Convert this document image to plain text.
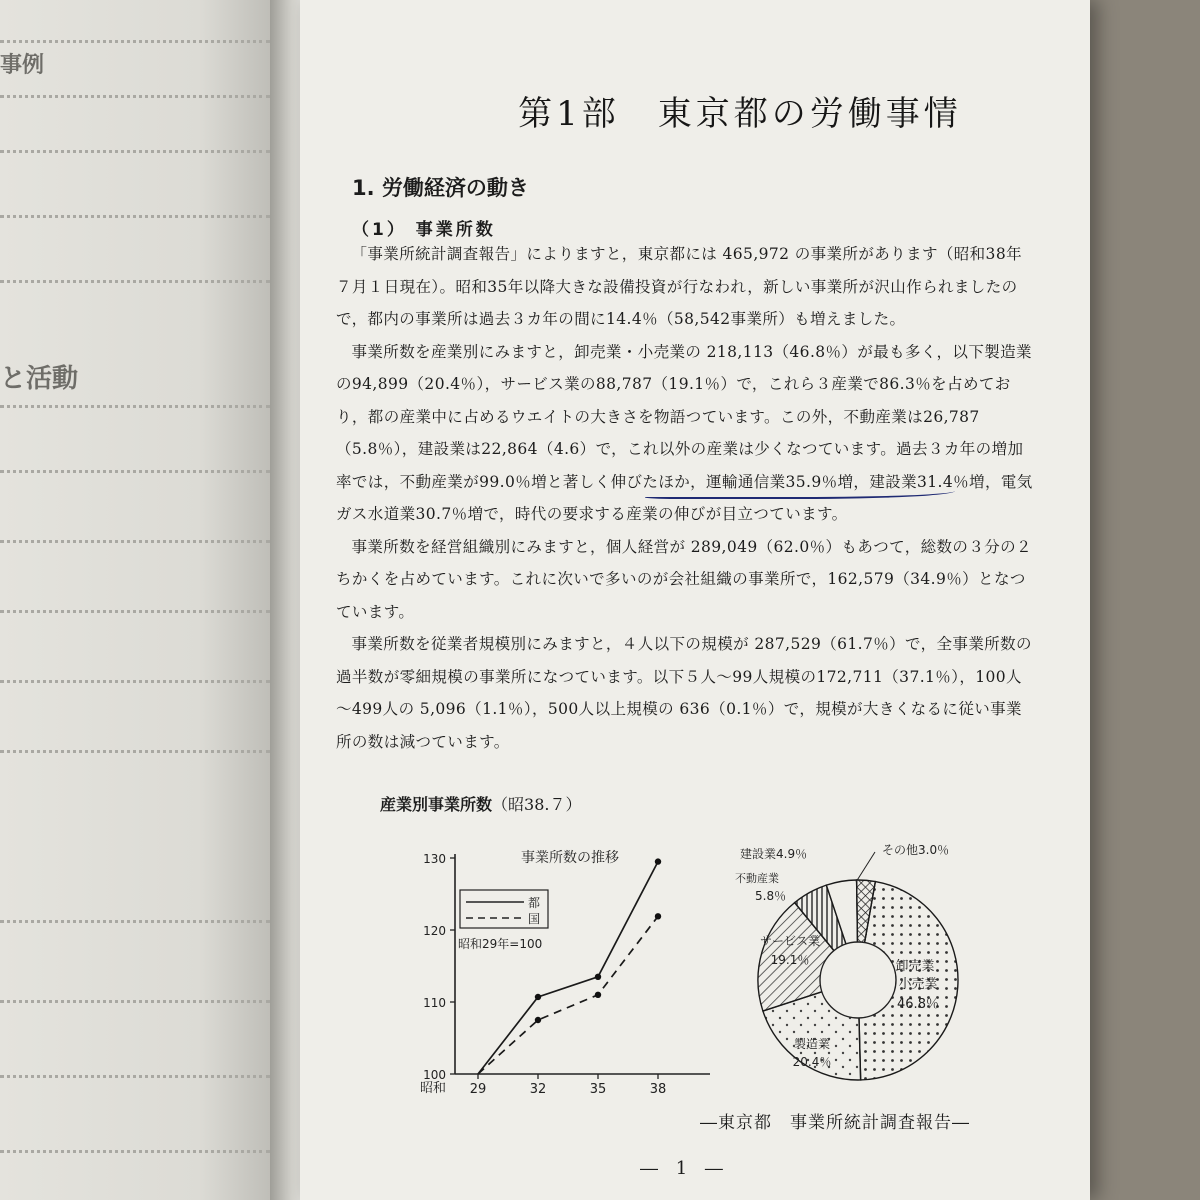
事例
と活動
第1部　東京都の労働事情
1. 労働経済の動き
（1） 事業所数

「事業所統計調査報告」によりますと，東京都には 465,972 の事業所があります（昭和38年７月１日現在）。昭和35年以降大きな設備投資が行なわれ，新しい事業所が沢山作られましたので，都内の事業所は過去３カ年の間に14.4％（58,542事業所）も増えました。

事業所数を産業別にみますと，卸売業・小売業の 218,113（46.8％）が最も多く，以下製造業の94,899（20.4％），サービス業の88,787（19.1％）で，これら３産業で86.3％を占めており，都の産業中に占めるウエイトの大きさを物語つています。この外，不動産業は26,787（5.8％），建設業は22,864（4.6）で，これ以外の産業は少くなつています。過去３カ年の増加率では，不動産業が99.0％増と著しく伸びたほか，運輸通信業35.9％増，建設業31.4％増，電気ガス水道業30.7％増で，時代の要求する産業の伸びが目立つています。

事業所数を経営組織別にみますと，個人経営が 289,049（62.0％）もあつて，総数の３分の２ちかくを占めています。これに次いで多いのが会社組織の事業所で，162,579（34.9％）となつています。

事業所数を従業者規模別にみますと，４人以下の規模が 287,529（61.7％）で，全事業所数の過半数が零細規模の事業所になつています。以下５人～99人規模の172,711（37.1％），100人～499人の 5,096（1.1％），500人以上規模の 636（0.1％）で，規模が大きくなるに従い事業所の数は減つています。

産業別事業所数（昭38.７）
事業所数の推移
都
国
昭和29年=100
100
110
120
130
昭和 29	32	35	38
卸売業
小売業
46.8％
製造業
20.4％
サービス業
19.1％
不動産業
5.8％
建設業4.9％	その他3.0％
―東京都　事業所統計調査報告―
― 1 ―
